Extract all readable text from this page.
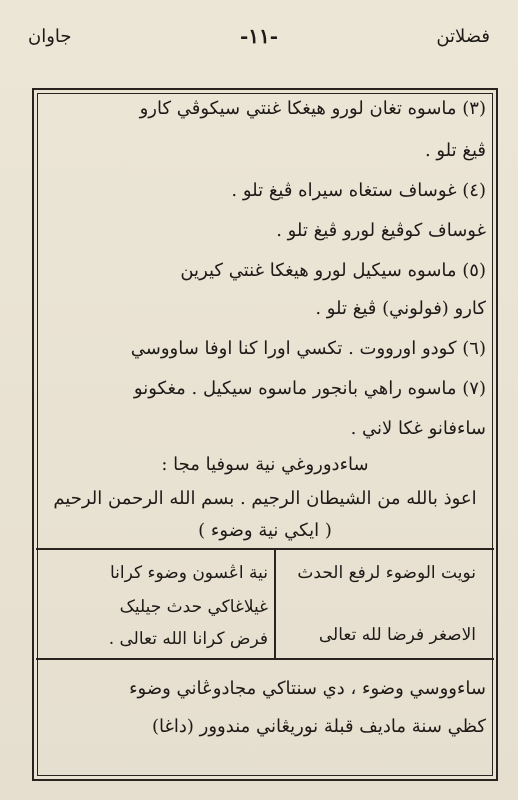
جاوان	-١١-	فضلاتن
(٣) ماسوه تغان لورو هيغکا غنتي سيکوڤي کارو
ڤيغ تلو .
(٤) غوساف ستغاه سيراه ڤيغ تلو .
غوساف کوڤيغ لورو ڤيغ تلو .
(٥) ماسوه سيکيل لورو هيغکا غنتي کيرين
کارو (فولوني) ڤيغ تلو .
(٦) کودو اورووت . تکسي اورا کنا اوفا ساووسي
(٧) ماسوه راهي بانجور ماسوه سيکيل . مغکونو
ساءفانو غکا لاني .
ساءدوروغي نية سوفيا مجا :
اعوذ بالله من الشيطان الرجيم . بسم الله الرحمن الرحيم
( ايکي نية وضوء )
نويت الوضوء لرفع الحدث
الاصغر فرضا لله تعالى
نية اڠسون وضوء کرانا
غيلاغاکي حدث جيليک
فرض کرانا الله تعالى .
ساءووسي وضوء ، دي سنتاکي مجادوڠاني وضوء
کظي سنة ماديف قبلة نوريڠاني مندوور (داغا)
